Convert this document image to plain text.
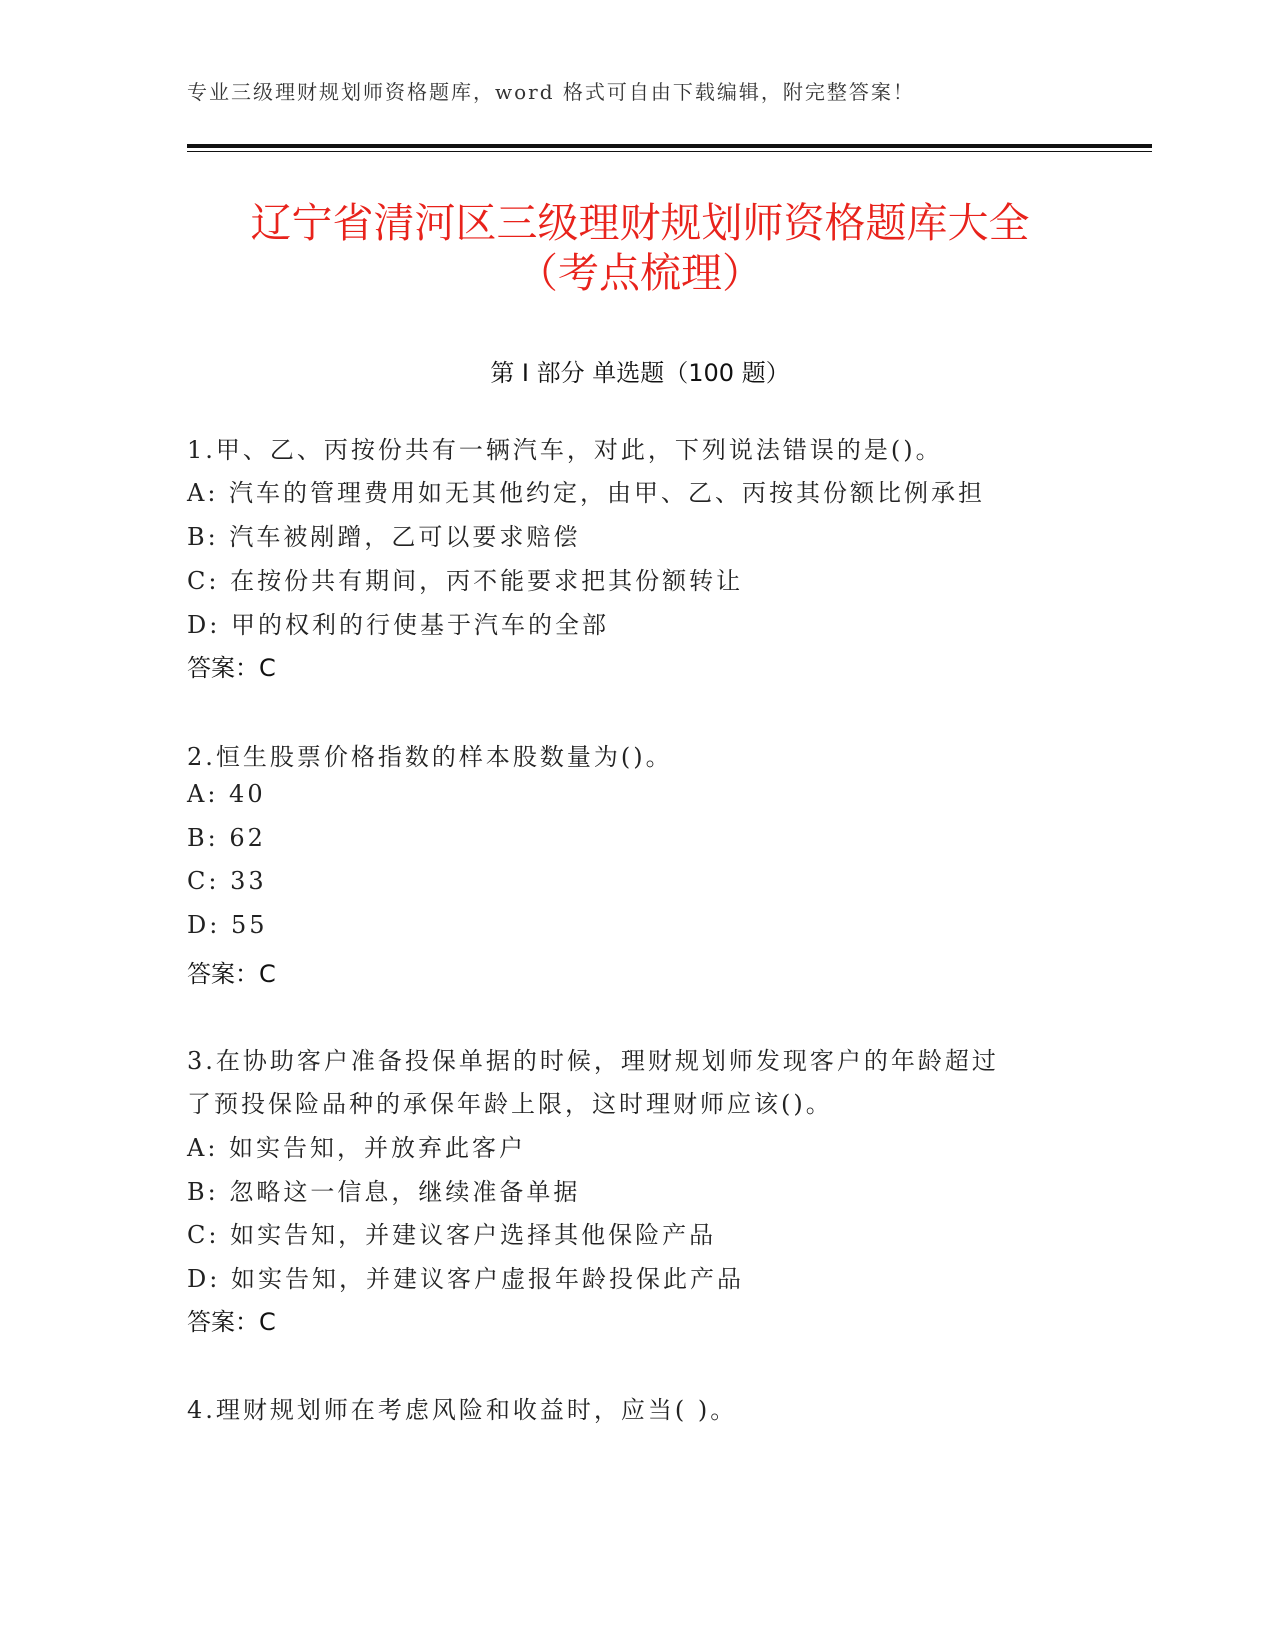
专业三级理财规划师资格题库，word 格式可自由下载编辑，附完整答案！
辽宁省清河区三级理财规划师资格题库大全
（考点梳理）
第 I 部分 单选题（100 题）
1.甲、乙、丙按份共有一辆汽车，对此，下列说法错误的是()。
A: 汽车的管理费用如无其他约定，由甲、乙、丙按其份额比例承担
B: 汽车被剐蹭，乙可以要求赔偿
C: 在按份共有期间，丙不能要求把其份额转让
D: 甲的权利的行使基于汽车的全部
答案：C
2.恒生股票价格指数的样本股数量为()。
A: 40
B: 62
C: 33
D: 55
答案：C
3.在协助客户准备投保单据的时候，理财规划师发现客户的年龄超过
了预投保险品种的承保年龄上限，这时理财师应该()。
A: 如实告知，并放弃此客户
B: 忽略这一信息，继续准备单据
C: 如实告知，并建议客户选择其他保险产品
D: 如实告知，并建议客户虚报年龄投保此产品
答案：C
4.理财规划师在考虑风险和收益时，应当( )。
